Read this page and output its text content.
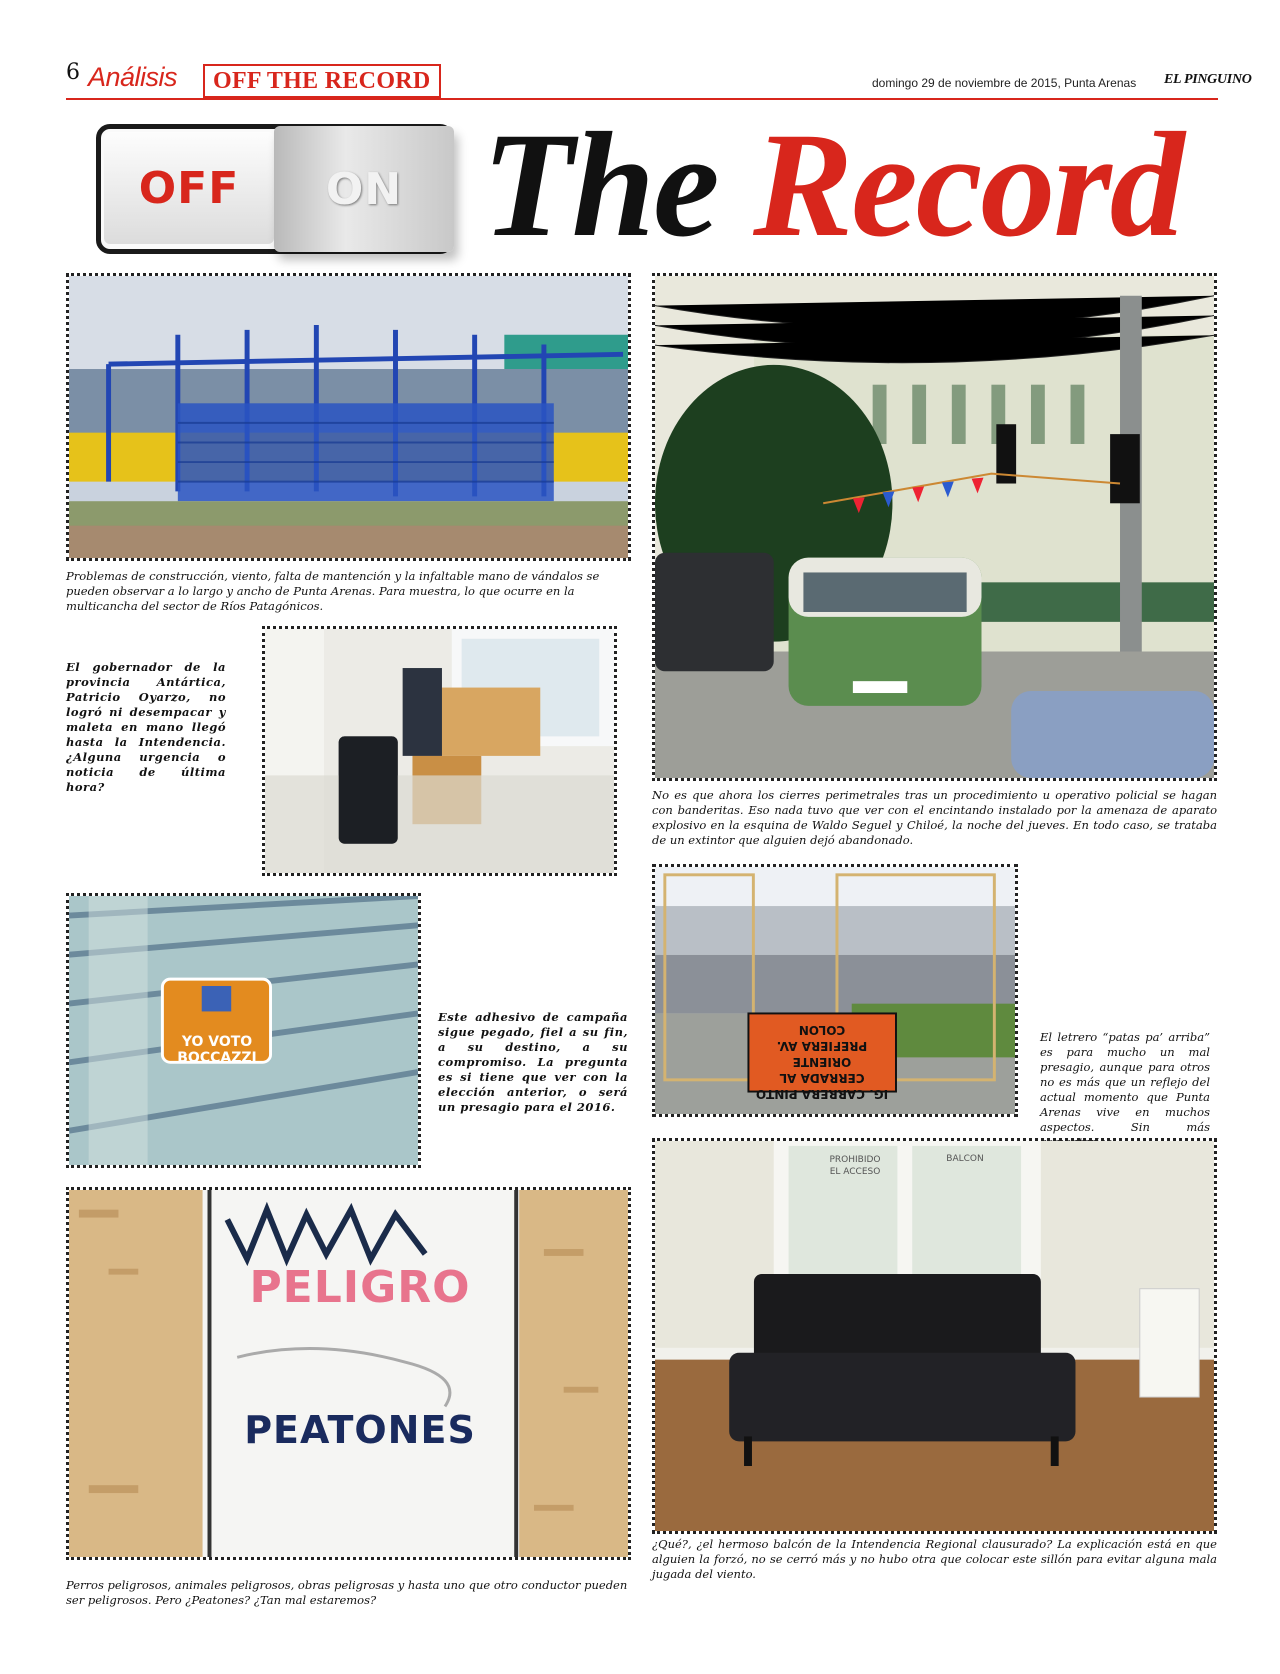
6 Análisis OFF THE RECORD	domingo 29 de noviembre de 2015, Punta Arenas EL PINGUINO
OFF ON The Record

Problemas de construcción, viento, falta de mantención y la infaltable mano de vándalos se pueden observar a lo largo y ancho de Punta Arenas. Para muestra, lo que ocurre en la multicancha del sector de Ríos Patagónicos.

El gobernador de la provincia Antártica, Patricio Oyarzo, no logró ni desempacar y maleta en mano llegó hasta la Intendencia. ¿Alguna urgencia o noticia de última hora?

No es que ahora los cierres perimetrales tras un procedimiento u operativo policial se hagan con banderitas. Eso nada tuvo que ver con el encintando instalado por la amenaza de aparato explosivo en la esquina de Waldo Seguel y Chiloé, la noche del jueves. En todo caso, se trataba de un extintor que alguien dejó abandonado.

YO VOTO
BOCCAZZI

Este adhesivo de campaña sigue pegado, fiel a su fin, a su destino, a su compromiso. La pregunta es si tiene que ver con la elección anterior, o será un presagio para el 2016.

IG. CARRERA PINTO
CERRADA AL ORIENTE
PREFIERA AV. COLON	El letrero “patas pa’ arriba” es para mucho un mal presagio, aunque para otros no es más que un reflejo del actual momento que Punta Arenas vive en muchos aspectos. Sin más

PELIGRO
PEATONES

Perros peligrosos, animales peligrosos, obras peligrosas y hasta uno que otro conductor pueden ser peligrosos. Pero ¿Peatones? ¿Tan mal estaremos?

PROHIBIDO
EL ACCESO
BALCON

¿Qué?, ¿el hermoso balcón de la Intendencia Regional clausurado? La explicación está en que alguien la forzó, no se cerró más y no hubo otra que colocar este sillón para evitar alguna mala jugada del viento.
